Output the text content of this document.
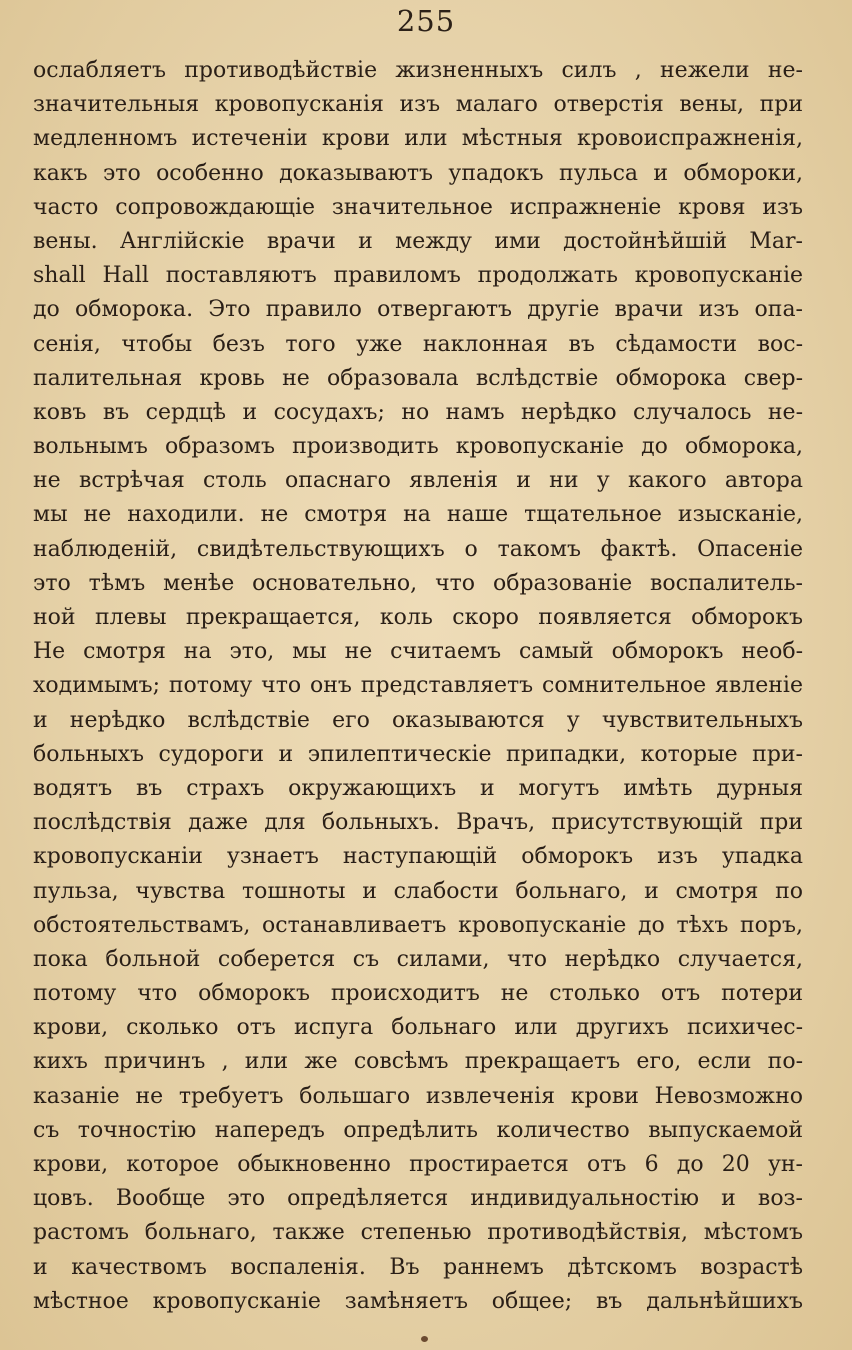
255
ослабляетъ противодѣйствіе жизненныхъ силъ , нежели не-
значительныя кровопусканія изъ малаго отверстія вены, при
медленномъ истеченіи крови или мѣстныя кровоиспражненія,
какъ это особенно доказываютъ упадокъ пульса и обмороки,
часто сопровождающіе значительное испражненіе кровя изъ
вены. Англійскіе врачи и между ими достойнѣйшій Mar-
shall Hall поставляютъ правиломъ продолжать кровопусканіе
до обморока. Это правило отвергаютъ другіе врачи изъ опа-
сенія, чтобы безъ того уже наклонная въ сѣдамости вос-
палительная кровь не образовала вслѣдствіе обморока свер-
ковъ въ сердцѣ и сосудахъ; но намъ нерѣдко случалось не-
вольнымъ образомъ производить кровопусканіе до обморока,
не встрѣчая столь опаснаго явленія и ни у какого автора
мы не находили. не смотря на наше тщательное изысканіе,
наблюденій, свидѣтельствующихъ о такомъ фактѣ. Опасеніе
это тѣмъ менѣе основательно, что образованіе воспалитель-
ной плевы прекращается, коль скоро появляется обморокъ
Не смотря на это, мы не считаемъ самый обморокъ необ-
ходимымъ; потому что онъ представляетъ сомнительное явленіе
и нерѣдко вслѣдствіе его оказываются у чувствительныхъ
больныхъ судороги и эпилептическіе припадки, которые при-
водятъ въ страхъ окружающихъ и могутъ имѣть дурныя
послѣдствія даже для больныхъ. Врачъ, присутствующій при
кровопусканіи узнаетъ наступающій обморокъ изъ упадка
пульза, чувства тошноты и слабости больнаго, и смотря по
обстоятельствамъ, останавливаетъ кровопусканіе до тѣхъ поръ,
пока больной соберется съ силами, что нерѣдко случается,
потому что обморокъ происходитъ не столько отъ потери
крови, сколько отъ испуга больнаго или другихъ психичес-
кихъ причинъ , или же совсѣмъ прекращаетъ его, если по-
казаніе не требуетъ большаго извлеченія крови Невозможно
съ точностію напередъ опредѣлить количество выпускаемой
крови, которое обыкновенно простирается отъ 6 до 20 ун-
цовъ. Вообще это опредѣляется индивидуальностію и воз-
растомъ больнаго, также степенью противодѣйствія, мѣстомъ
и качествомъ воспаленія. Въ раннемъ дѣтскомъ возрастѣ
мѣстное кровопусканіе замѣняетъ общее; въ дальнѣйшихъ
